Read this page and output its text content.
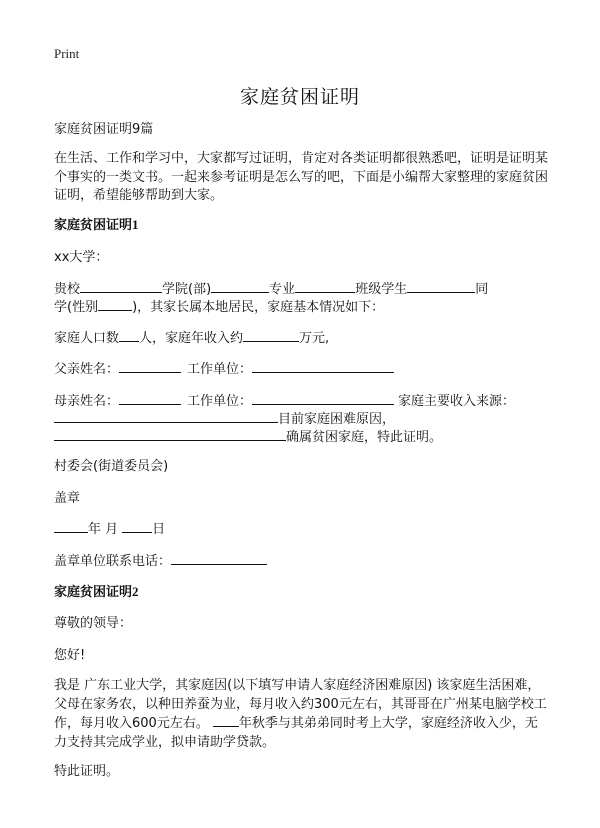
Print
家庭贫困证明
家庭贫困证明9篇
在生活、工作和学习中，大家都写过证明，肯定对各类证明都很熟悉吧，证明是证明某个事实的一类文书。一起来参考证明是怎么写的吧，下面是小编帮大家整理的家庭贫困证明，希望能够帮助到大家。
家庭贫困证明1
xx大学：
贵校	学院(部)	专业	班级学生	同
学(性别	)，其家长属本地居民，家庭基本情况如下：
家庭人口数 人，家庭年收入约	万元,
父亲姓名：	工作单位：
母亲姓名：	工作单位：	家庭主要收入来源：
目前家庭困难原因，
确属贫困家庭，特此证明。
村委会(街道委员会)
盖章
年 月	日
盖章单位联系电话：
家庭贫困证明2
尊敬的领导：
您好!
我是 广东工业大学，其家庭因(以下填写申请人家庭经济困难原因) 该家庭生活困难，父母在家务农，以种田养蚕为业，每月收入约300元左右，其哥哥在广州某电脑学校工作，每月收入600元左右。 年秋季与其弟弟同时考上大学，家庭经济收入少，无力支持其完成学业，拟申请助学贷款。
特此证明。
